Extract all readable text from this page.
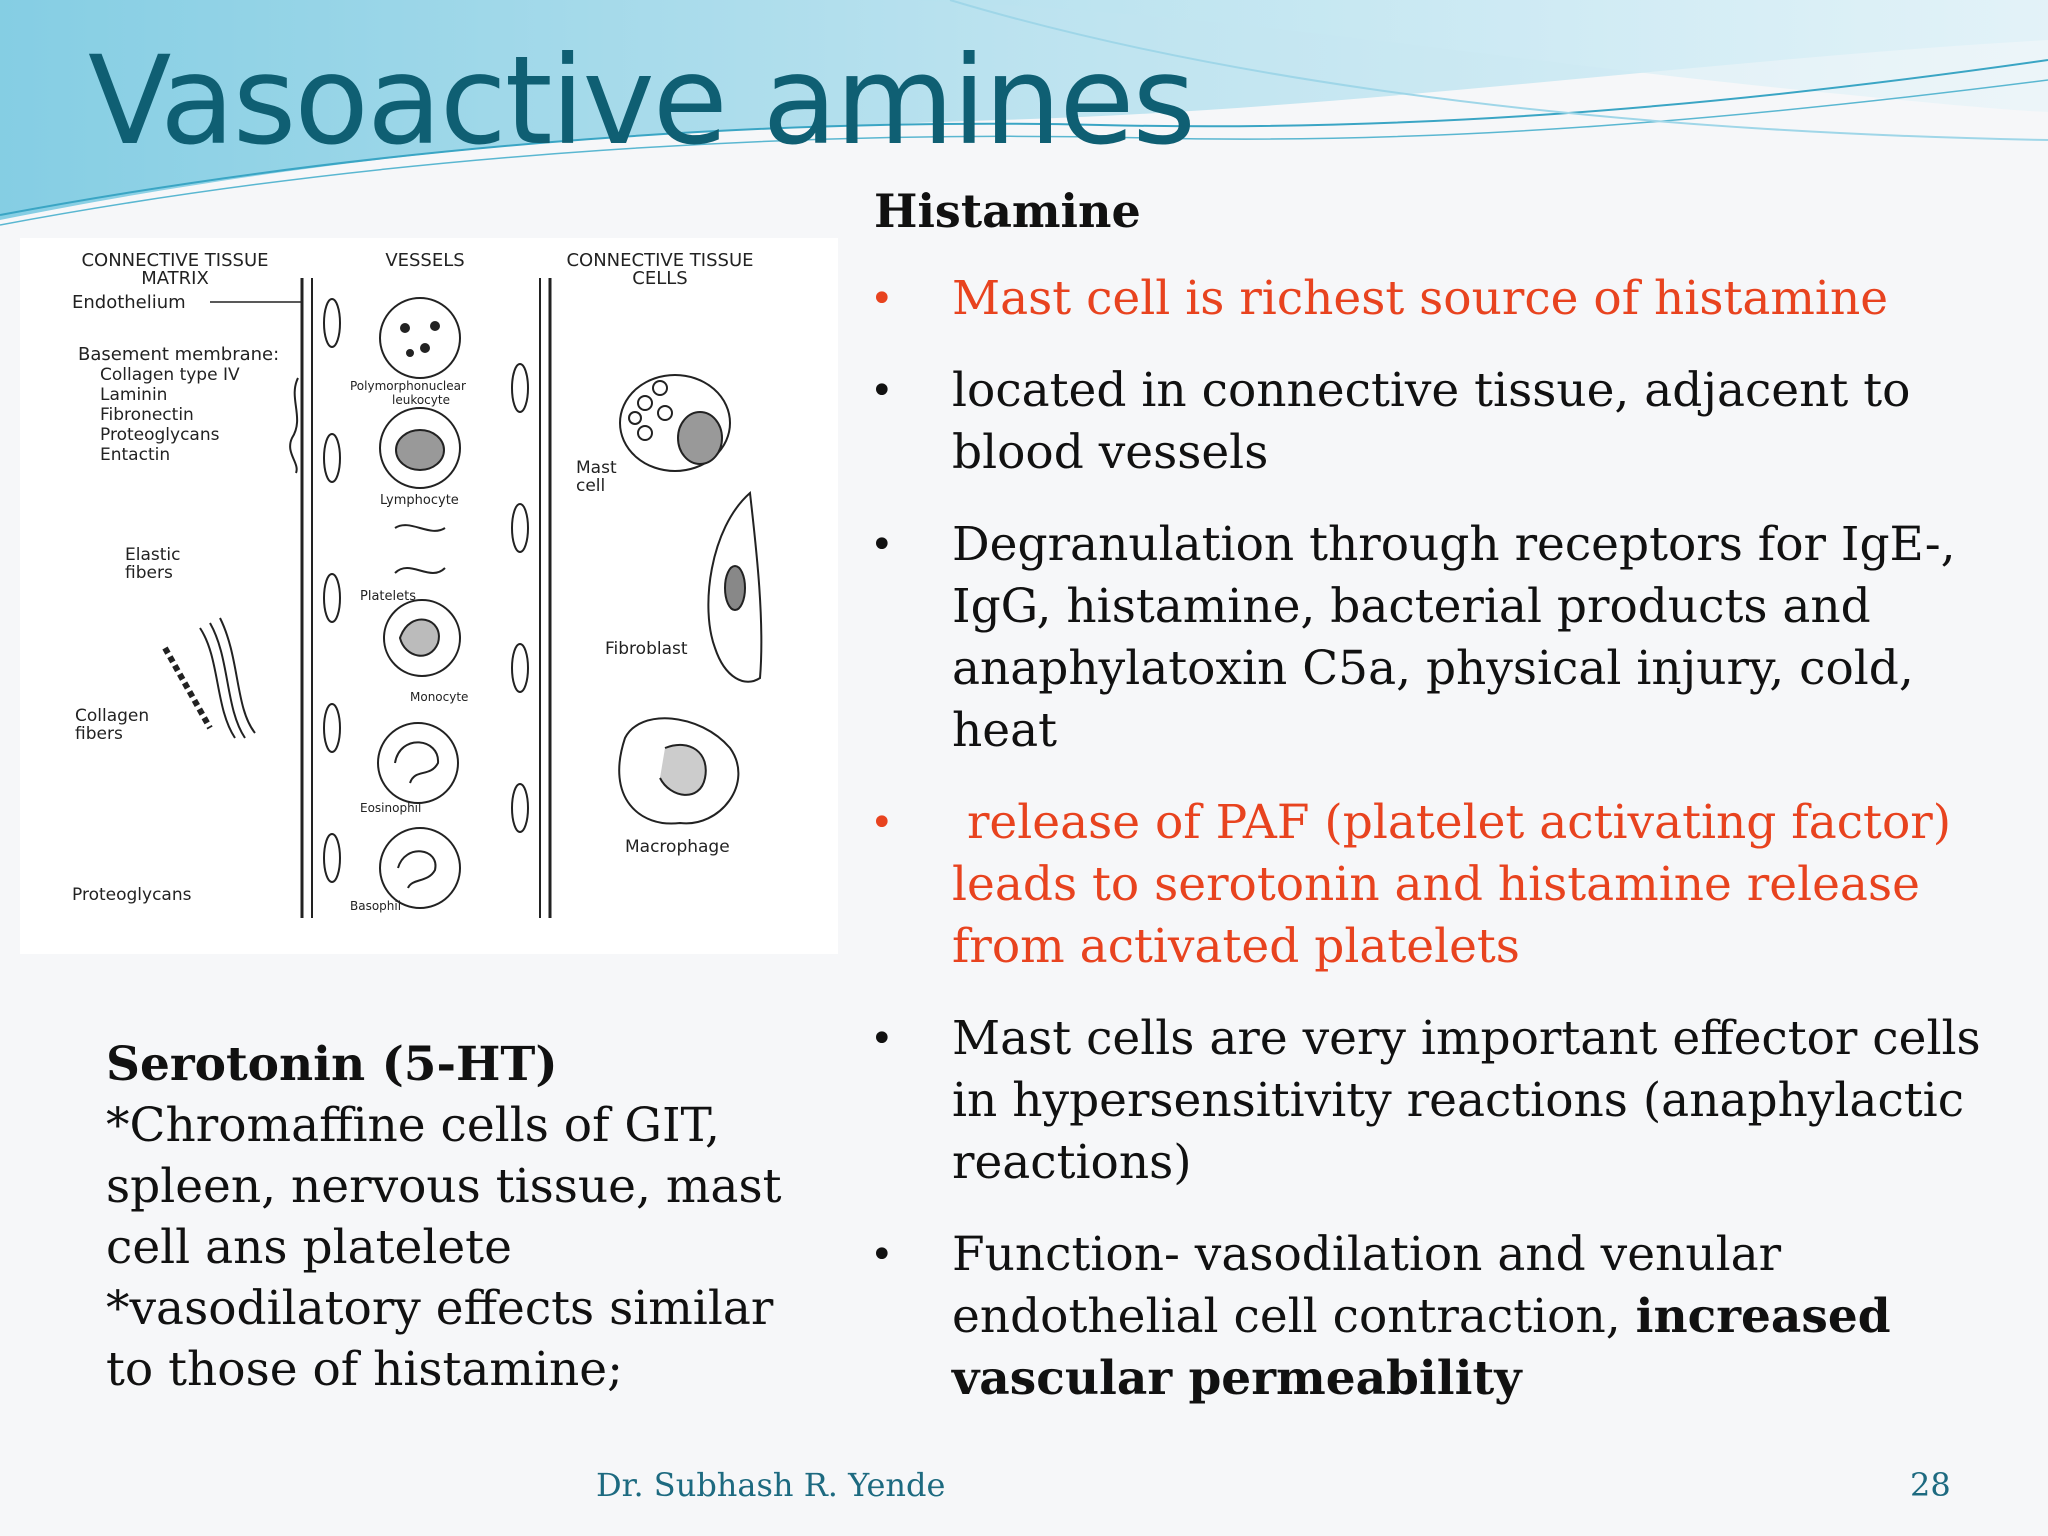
Vasoactive amines
CONNECTIVE TISSUE
MATRIX
VESSELS	CONNECTIVE TISSUE
CELLS
Endothelium
Basement membrane:
Collagen type IV
Laminin
Fibronectin
Proteoglycans
Entactin
Elastic
fibers
Collagen
fibers
Proteoglycans
Polymorphonuclear
leukocyte
Lymphocyte
Platelets
Monocyte
Eosinophil
Basophil
Mast
cell
Fibroblast
Macrophage
Histamine
• Mast cell is richest source of histamine
• located in connective tissue, adjacent to blood vessels
• Degranulation through receptors for IgE-, IgG, histamine, bacterial products and anaphylatoxin C5a, physical injury, cold, heat
• release of PAF (platelet activating factor) leads to serotonin and histamine release from activated platelets
• Mast cells are very important effector cells in hypersensitivity reactions (anaphylactic reactions)
• Function- vasodilation and venular endothelial cell contraction, increased vascular permeability
Serotonin (5-HT)
*Chromaffine cells of GIT, spleen, nervous tissue, mast cell ans platelete
*vasodilatory effects similar to those of histamine;
Dr. Subhash R. Yende	28
